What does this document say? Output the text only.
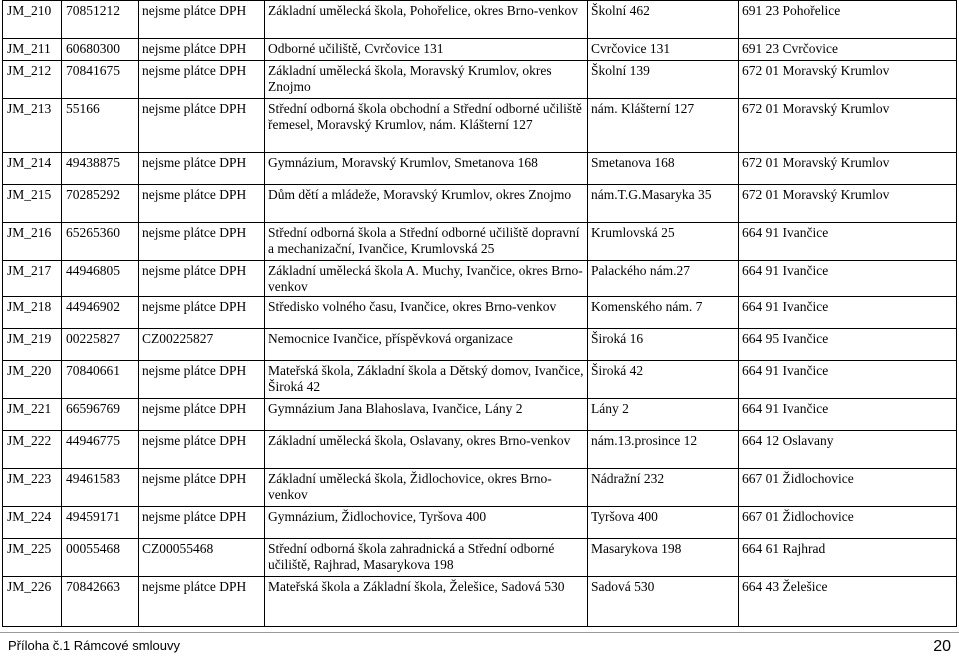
JM_210	70851212	nejsme plátce DPH	Základní umělecká škola, Pohořelice, okres Brno-venkov	Školní 462	691 23 Pohořelice
JM_211	60680300	nejsme plátce DPH	Odborné učiliště, Cvrčovice 131	Cvrčovice 131	691 23 Cvrčovice
JM_212	70841675	nejsme plátce DPH	Základní umělecká škola, Moravský Krumlov, okres Znojmo	Školní 139	672 01 Moravský Krumlov
JM_213	55166	nejsme plátce DPH	Střední odborná škola obchodní a Střední odborné učiliště řemesel, Moravský Krumlov, nám. Klášterní 127	nám. Klášterní 127	672 01 Moravský Krumlov
JM_214	49438875	nejsme plátce DPH	Gymnázium, Moravský Krumlov, Smetanova 168	Smetanova 168	672 01 Moravský Krumlov
JM_215	70285292	nejsme plátce DPH	Dům dětí a mládeže, Moravský Krumlov, okres Znojmo	nám.T.G.Masaryka 35	672 01 Moravský Krumlov
JM_216	65265360	nejsme plátce DPH	Střední odborná škola a Střední odborné učiliště dopravní a mechanizační, Ivančice, Krumlovská 25	Krumlovská 25	664 91 Ivančice
JM_217	44946805	nejsme plátce DPH	Základní umělecká škola A. Muchy, Ivančice, okres Brno-venkov	Palackého nám.27	664 91 Ivančice
JM_218	44946902	nejsme plátce DPH	Středisko volného času, Ivančice, okres Brno-venkov	Komenského nám. 7	664 91 Ivančice
JM_219	00225827	CZ00225827	Nemocnice Ivančice, příspěvková organizace	Široká 16	664 95 Ivančice
JM_220	70840661	nejsme plátce DPH	Mateřská škola, Základní škola a Dětský domov, Ivančice, Široká 42	Široká 42	664 91 Ivančice
JM_221	66596769	nejsme plátce DPH	Gymnázium Jana Blahoslava, Ivančice, Lány 2	Lány 2	664 91 Ivančice
JM_222	44946775	nejsme plátce DPH	Základní umělecká škola, Oslavany, okres Brno-venkov	nám.13.prosince 12	664 12 Oslavany
JM_223	49461583	nejsme plátce DPH	Základní umělecká škola, Židlochovice, okres Brno-venkov	Nádražní 232	667 01 Židlochovice
JM_224	49459171	nejsme plátce DPH	Gymnázium, Židlochovice, Tyršova 400	Tyršova 400	667 01 Židlochovice
JM_225	00055468	CZ00055468	Střední odborná škola zahradnická a Střední odborné učiliště, Rajhrad, Masarykova 198	Masarykova 198	664 61 Rajhrad
JM_226	70842663	nejsme plátce DPH	Mateřská škola a Základní škola, Želešice, Sadová 530	Sadová 530	664 43 Želešice
Příloha č.1 Rámcové smlouvy	20
